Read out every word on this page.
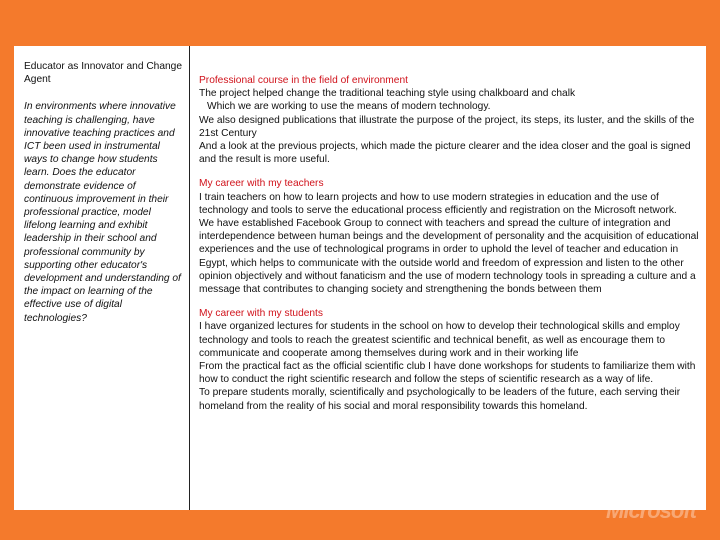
Educator as Innovator and Change Agent

In environments where innovative teaching is challenging, have innovative teaching practices and ICT been used in instrumental ways to change how students learn. Does the educator demonstrate evidence of continuous improvement in their professional practice, model lifelong learning and exhibit leadership in their school and professional community by supporting other educator's development and understanding of the impact on learning of the effective use of digital technologies?

Professional course in the field of environment

The project helped change the traditional teaching style using chalkboard and chalk

Which we are working to use the means of modern technology.

We also designed publications that illustrate the purpose of the project, its steps, its luster, and the skills of the 21st Century

And a look at the previous projects, which made the picture clearer and the idea closer and the goal is signed and the result is more useful.

My career with my teachers

I train teachers on how to learn projects and how to use modern strategies in education and the use of technology and tools to serve the educational process efficiently and registration on the Microsoft network.

We have established Facebook Group to connect with teachers and spread the culture of integration and interdependence between human beings and the development of personality and the acquisition of educational experiences and the use of technological programs in order to uphold the level of teacher and education in Egypt, which helps to communicate with the outside world and freedom of expression and listen to the other opinion objectively and without fanaticism and the use of modern technology tools in spreading a culture and a message that contributes to changing society and strengthening the bonds between them

My career with my students

I have organized lectures for students in the school on how to develop their technological skills and employ technology and tools to reach the greatest scientific and technical benefit, as well as encourage them to communicate and cooperate among themselves during work and in their working life

From the practical fact as the official scientific club I have done workshops for students to familiarize them with how to conduct the right scientific research and follow the steps of scientific research as a way of life.

To prepare students morally, scientifically and psychologically to be leaders of the future, each serving their homeland from the reality of his social and moral responsibility towards this homeland.

Microsoft
